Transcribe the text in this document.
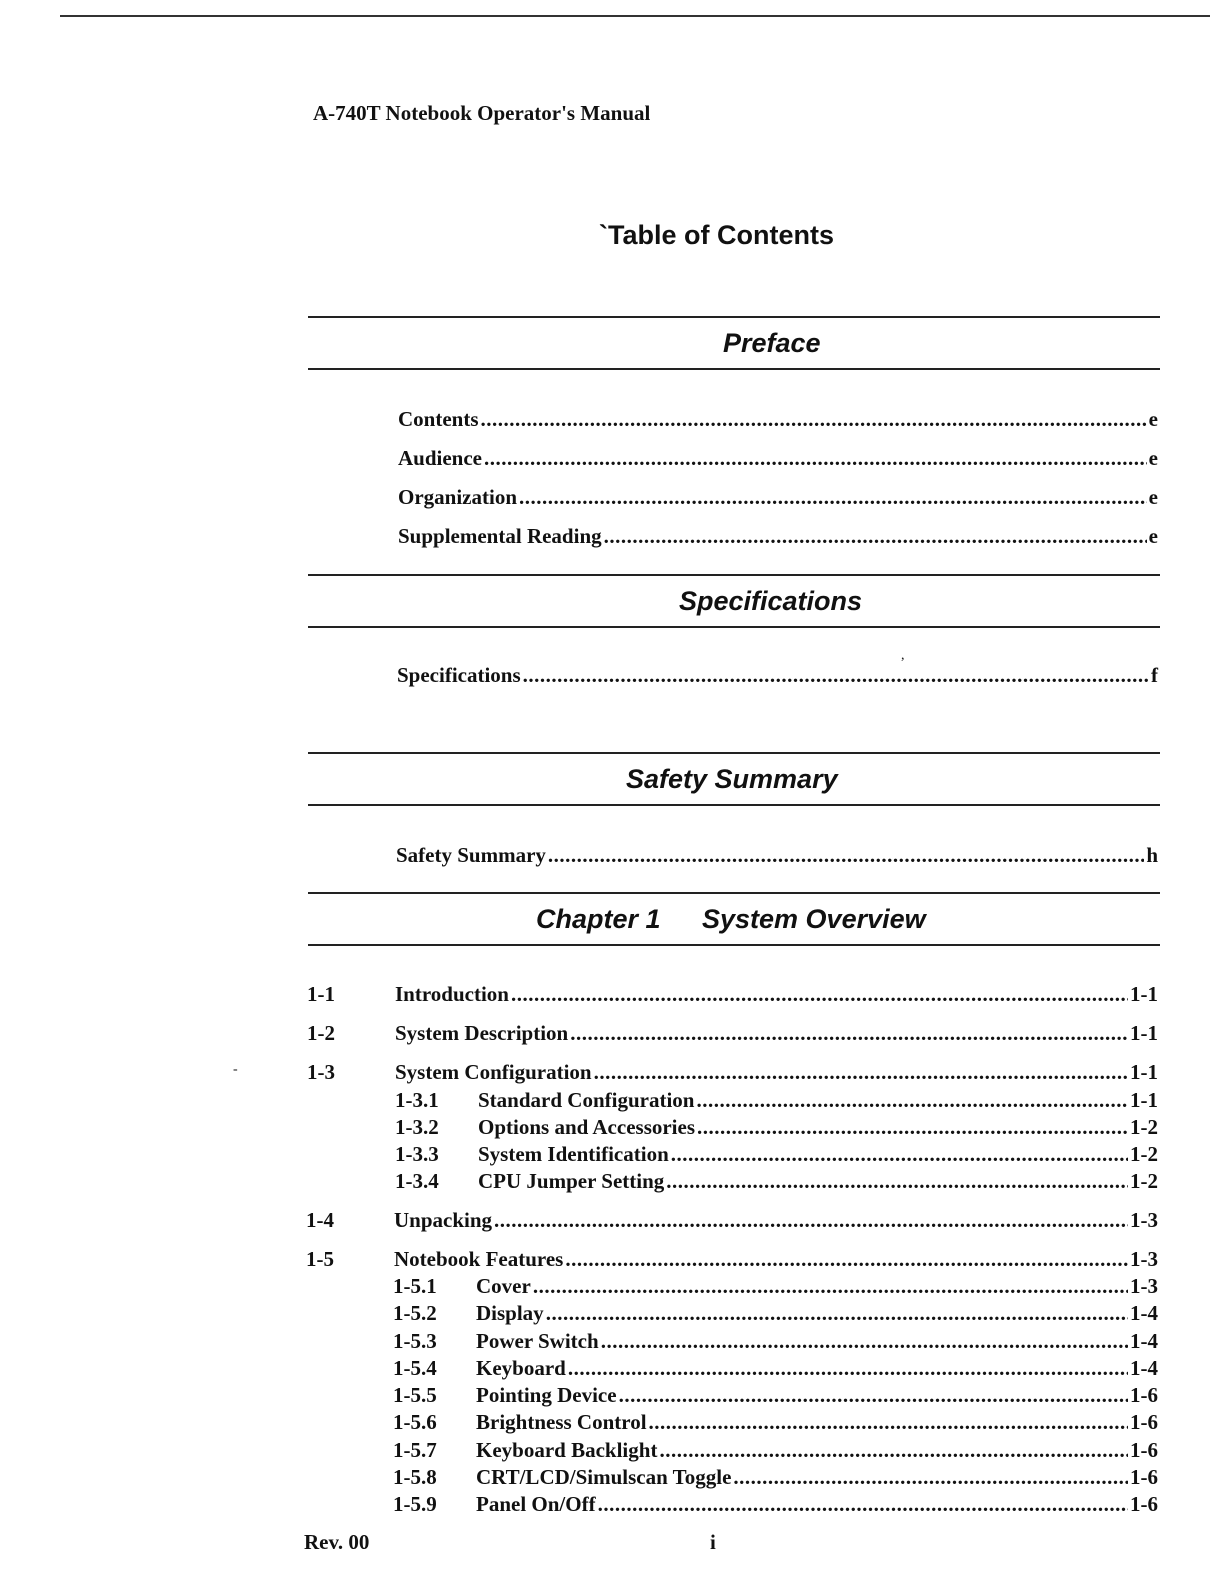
A-740T Notebook Operator's Manual
`Table of Contents
Preface
Contents .....	e
Audience .....	e
Organization .....	e
Supplemental Reading .....	e
Specifications
,
Specifications .....	f
Safety Summary
Safety Summary .....	h
Chapter 1 System Overview
1-1	Introduction .....	1-1
1-2	System Description .....	1-1
1-3	System Configuration .....	1-1
1-3.1 Standard Configuration .....	1-1
1-3.2 Options and Accessories .....	1-2
1-3.3 System Identification .....	1-2
1-3.4 CPU Jumper Setting .....	1-2
-
1-4	Unpacking .....	1-3
1-5	Notebook Features .....	1-3
1-5.1 Cover .....	1-3
1-5.2 Display .....	1-4
1-5.3 Power Switch .....	1-4
1-5.4 Keyboard .....	1-4
1-5.5 Pointing Device .....	1-6
1-5.6 Brightness Control .....	1-6
1-5.7 Keyboard Backlight .....	1-6
1-5.8 CRT/LCD/Simulscan Toggle .....	1-6
1-5.9 Panel On/Off .....	1-6
Rev. 00	i
